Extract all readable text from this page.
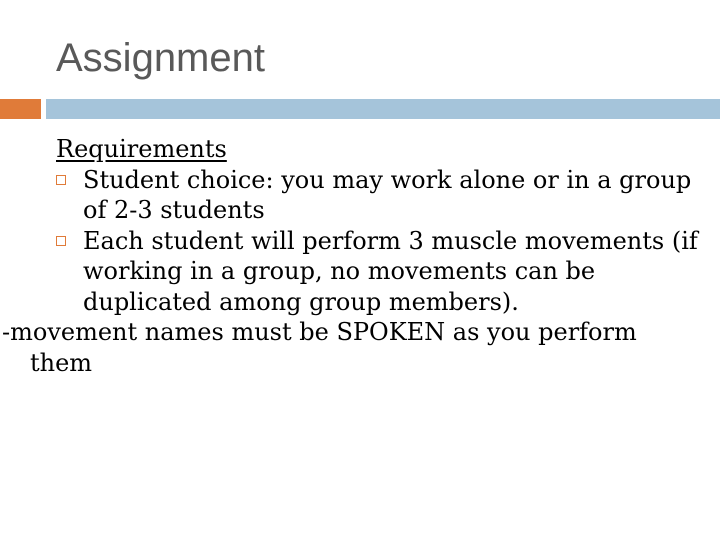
Assignment
Requirements
Student choice: you may work alone or in a group of 2-3 students
Each student will perform 3 muscle movements (if working in a group, no movements can be duplicated among group members).
-movement names must be SPOKEN as you perform them
